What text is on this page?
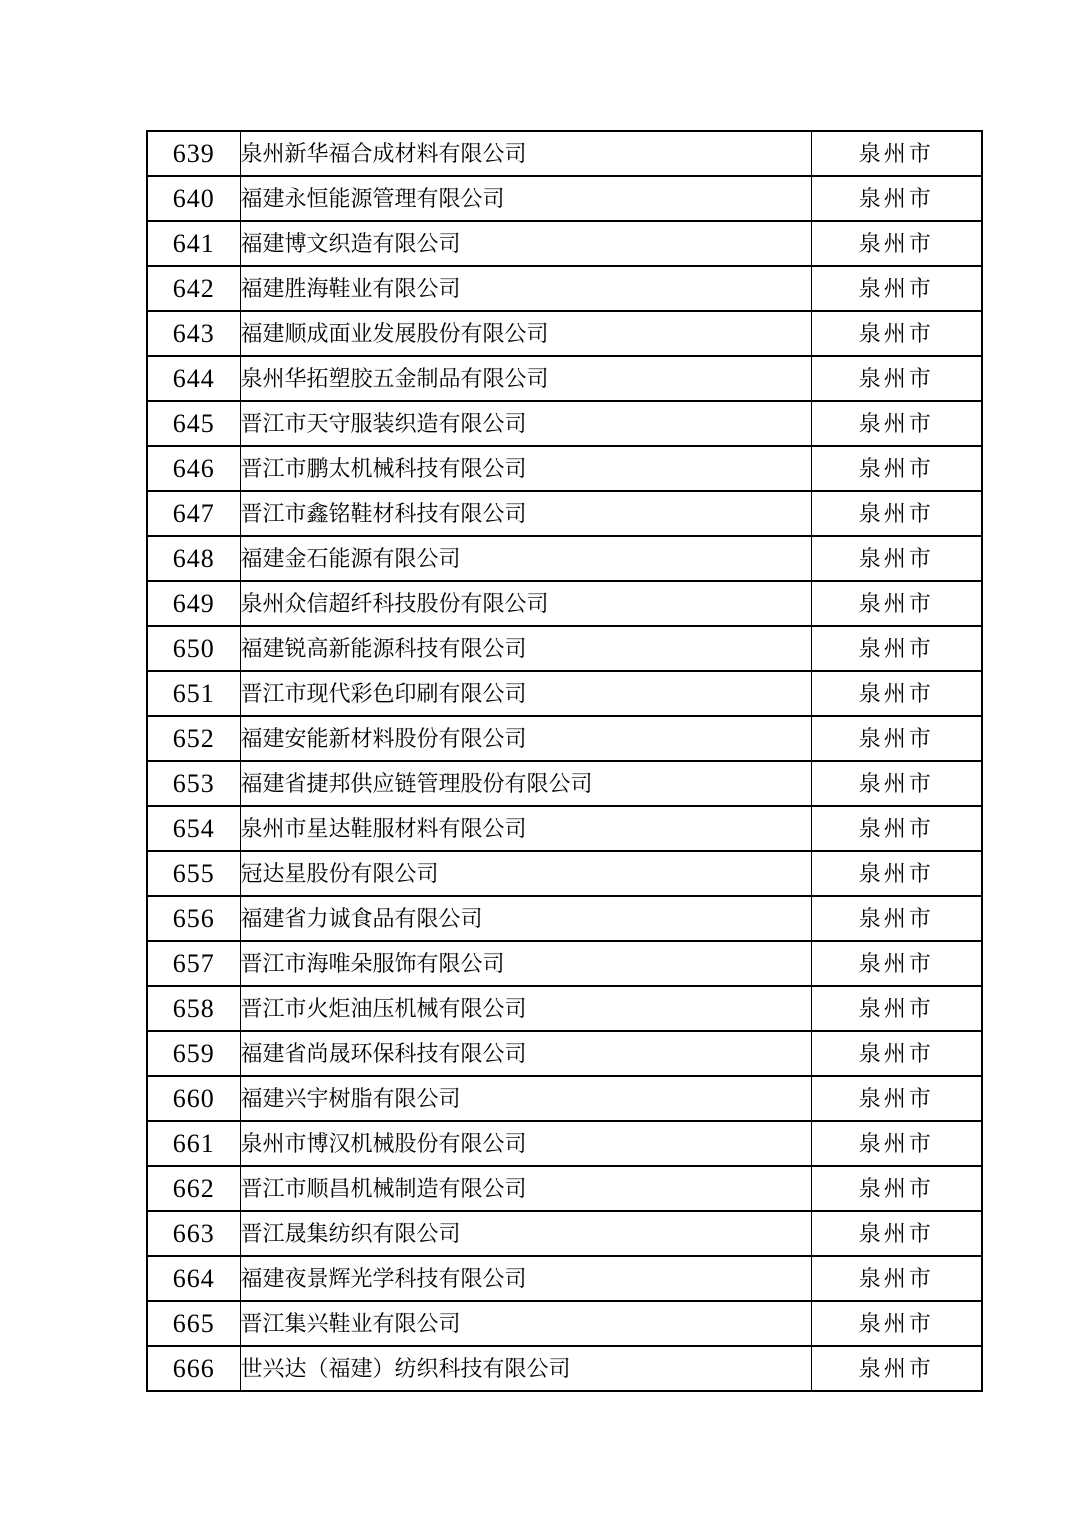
639	泉州新华福合成材料有限公司	泉州市
640	福建永恒能源管理有限公司	泉州市
641	福建博文织造有限公司	泉州市
642	福建胜海鞋业有限公司	泉州市
643	福建顺成面业发展股份有限公司	泉州市
644	泉州华拓塑胶五金制品有限公司	泉州市
645	晋江市天守服装织造有限公司	泉州市
646	晋江市鹏太机械科技有限公司	泉州市
647	晋江市鑫铭鞋材科技有限公司	泉州市
648	福建金石能源有限公司	泉州市
649	泉州众信超纤科技股份有限公司	泉州市
650	福建锐高新能源科技有限公司	泉州市
651	晋江市现代彩色印刷有限公司	泉州市
652	福建安能新材料股份有限公司	泉州市
653	福建省捷邦供应链管理股份有限公司	泉州市
654	泉州市星达鞋服材料有限公司	泉州市
655	冠达星股份有限公司	泉州市
656	福建省力诚食品有限公司	泉州市
657	晋江市海唯朵服饰有限公司	泉州市
658	晋江市火炬油压机械有限公司	泉州市
659	福建省尚晟环保科技有限公司	泉州市
660	福建兴宇树脂有限公司	泉州市
661	泉州市博汉机械股份有限公司	泉州市
662	晋江市顺昌机械制造有限公司	泉州市
663	晋江晟集纺织有限公司	泉州市
664	福建夜景辉光学科技有限公司	泉州市
665	晋江集兴鞋业有限公司	泉州市
666	世兴达（福建）纺织科技有限公司	泉州市
